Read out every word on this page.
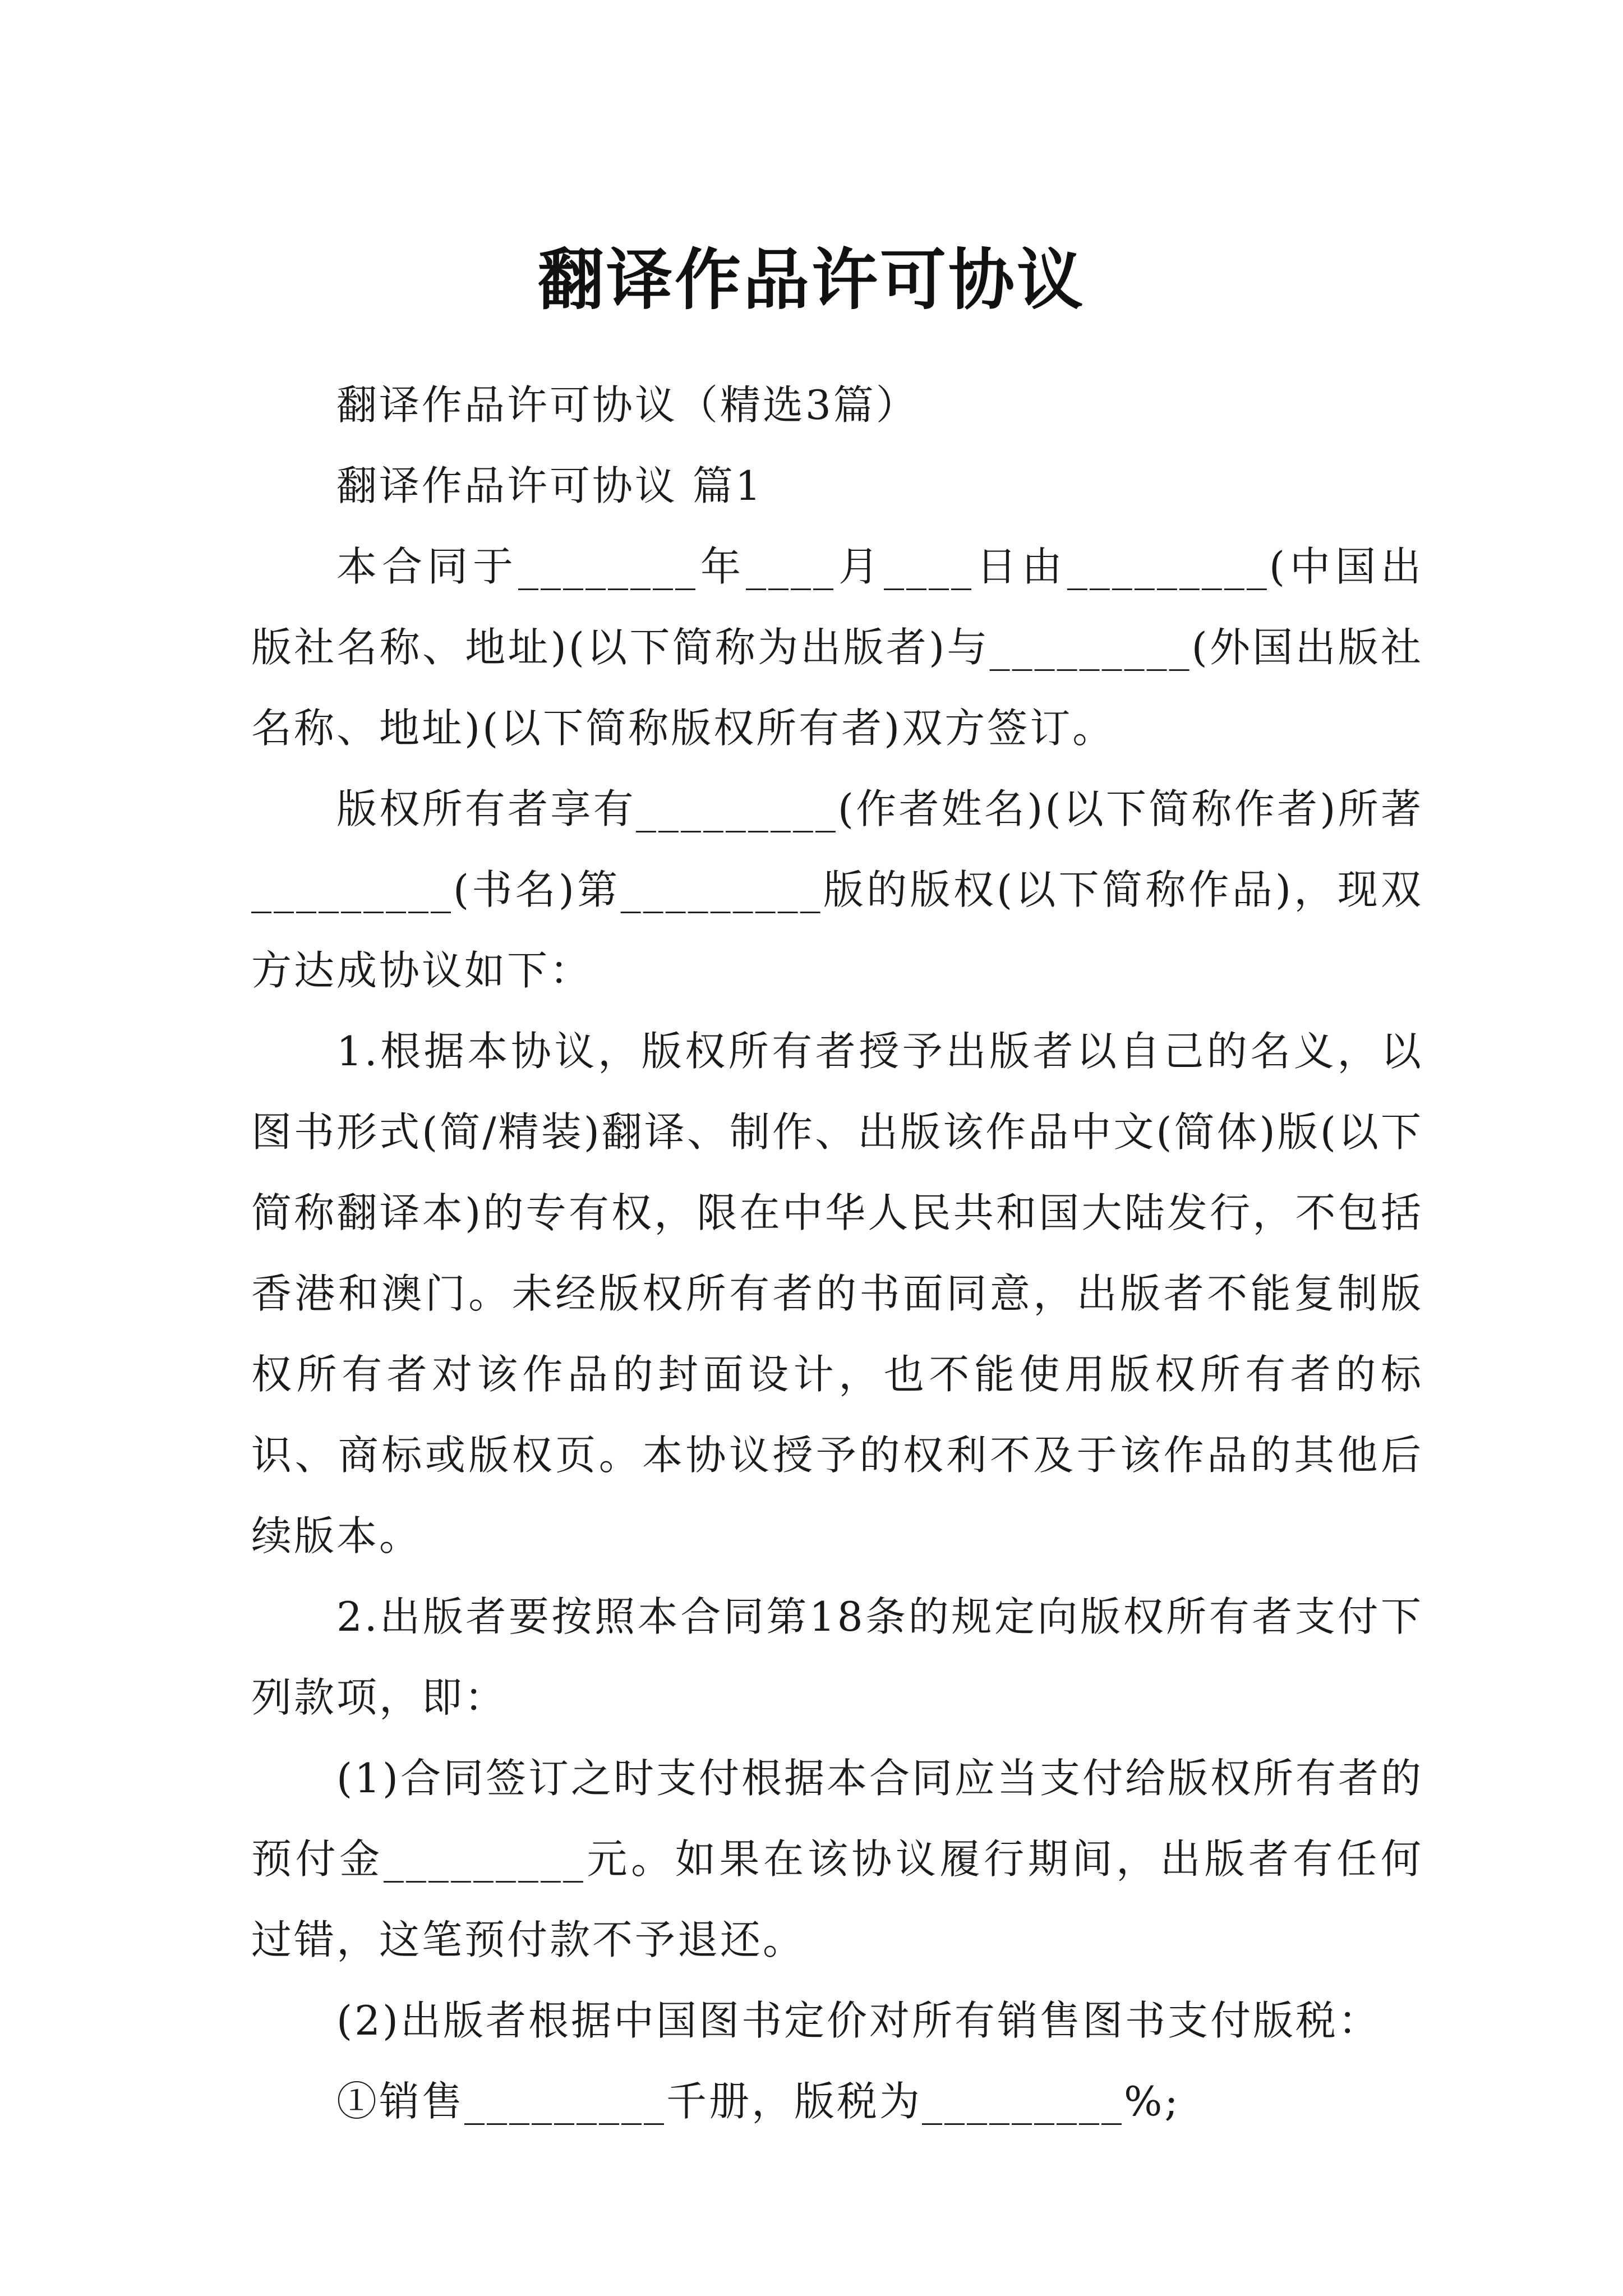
翻译作品许可协议

翻译作品许可协议（精选3篇）

翻译作品许可协议 篇1

本合同于________年____月____日由_________(中国出版社名称、地址)(以下简称为出版者)与_________(外国出版社名称、地址)(以下简称版权所有者)双方签订。

版权所有者享有_________(作者姓名)(以下简称作者)所著_________(书名)第_________版的版权(以下简称作品)，现双方达成协议如下：

1.根据本协议，版权所有者授予出版者以自己的名义，以图书形式(简/精装)翻译、制作、出版该作品中文(简体)版(以下简称翻译本)的专有权，限在中华人民共和国大陆发行，不包括香港和澳门。未经版权所有者的书面同意，出版者不能复制版权所有者对该作品的封面设计，也不能使用版权所有者的标识、商标或版权页。本协议授予的权利不及于该作品的其他后续版本。

2.出版者要按照本合同第18条的规定向版权所有者支付下列款项，即：

(1)合同签订之时支付根据本合同应当支付给版权所有者的预付金_________元。如果在该协议履行期间，出版者有任何过错，这笔预付款不予退还。

(2)出版者根据中国图书定价对所有销售图书支付版税：

①销售_________千册，版税为_________%;
